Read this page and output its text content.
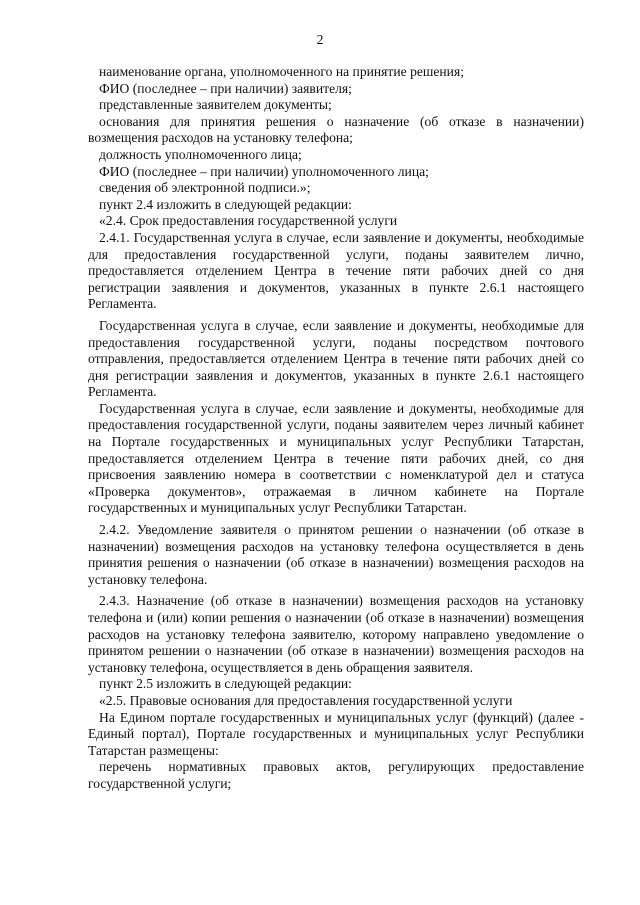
2

наименование органа, уполномоченного на принятие решения;

ФИО (последнее – при наличии) заявителя;

представленные заявителем документы;

основания для принятия решения о назначение (об отказе в назначении) возмещения расходов на установку телефона;

должность уполномоченного лица;

ФИО (последнее – при наличии) уполномоченного лица;

сведения об электронной подписи.»;

пункт 2.4 изложить в следующей редакции:

«2.4. Срок предоставления государственной услуги

2.4.1. Государственная услуга в случае, если заявление и документы, необходимые для предоставления государственной услуги, поданы заявителем лично, предоставляется отделением Центра в течение пяти рабочих дней со дня регистрации заявления и документов, указанных в пункте 2.6.1 настоящего Регламента.

Государственная услуга в случае, если заявление и документы, необходимые для предоставления государственной услуги, поданы посредством почтового отправления, предоставляется отделением Центра в течение пяти рабочих дней со дня регистрации заявления и документов, указанных в пункте 2.6.1 настоящего Регламента.

Государственная услуга в случае, если заявление и документы, необходимые для предоставления государственной услуги, поданы заявителем через личный кабинет на Портале государственных и муниципальных услуг Республики Татарстан, предоставляется отделением Центра в течение пяти рабочих дней, со дня присвоения заявлению номера в соответствии с номенклатурой дел и статуса «Проверка документов», отражаемая в личном кабинете на Портале государственных и муниципальных услуг Республики Татарстан.

2.4.2. Уведомление заявителя о принятом решении о назначении (об отказе в назначении) возмещения расходов на установку телефона осуществляется в день принятия решения о назначении (об отказе в назначении) возмещения расходов на установку телефона.

2.4.3. Назначение (об отказе в назначении) возмещения расходов на установку телефона и (или) копии решения о назначении (об отказе в назначении) возмещения расходов на установку телефона заявителю, которому направлено уведомление о принятом решении о назначении (об отказе в назначении) возмещения расходов на установку телефона, осуществляется в день обращения заявителя.

пункт 2.5 изложить в следующей редакции:

«2.5. Правовые основания для предоставления государственной услуги

На Едином портале государственных и муниципальных услуг (функций) (далее - Единый портал), Портале государственных и муниципальных услуг Республики Татарстан размещены:

перечень нормативных правовых актов, регулирующих предоставление государственной услуги;
